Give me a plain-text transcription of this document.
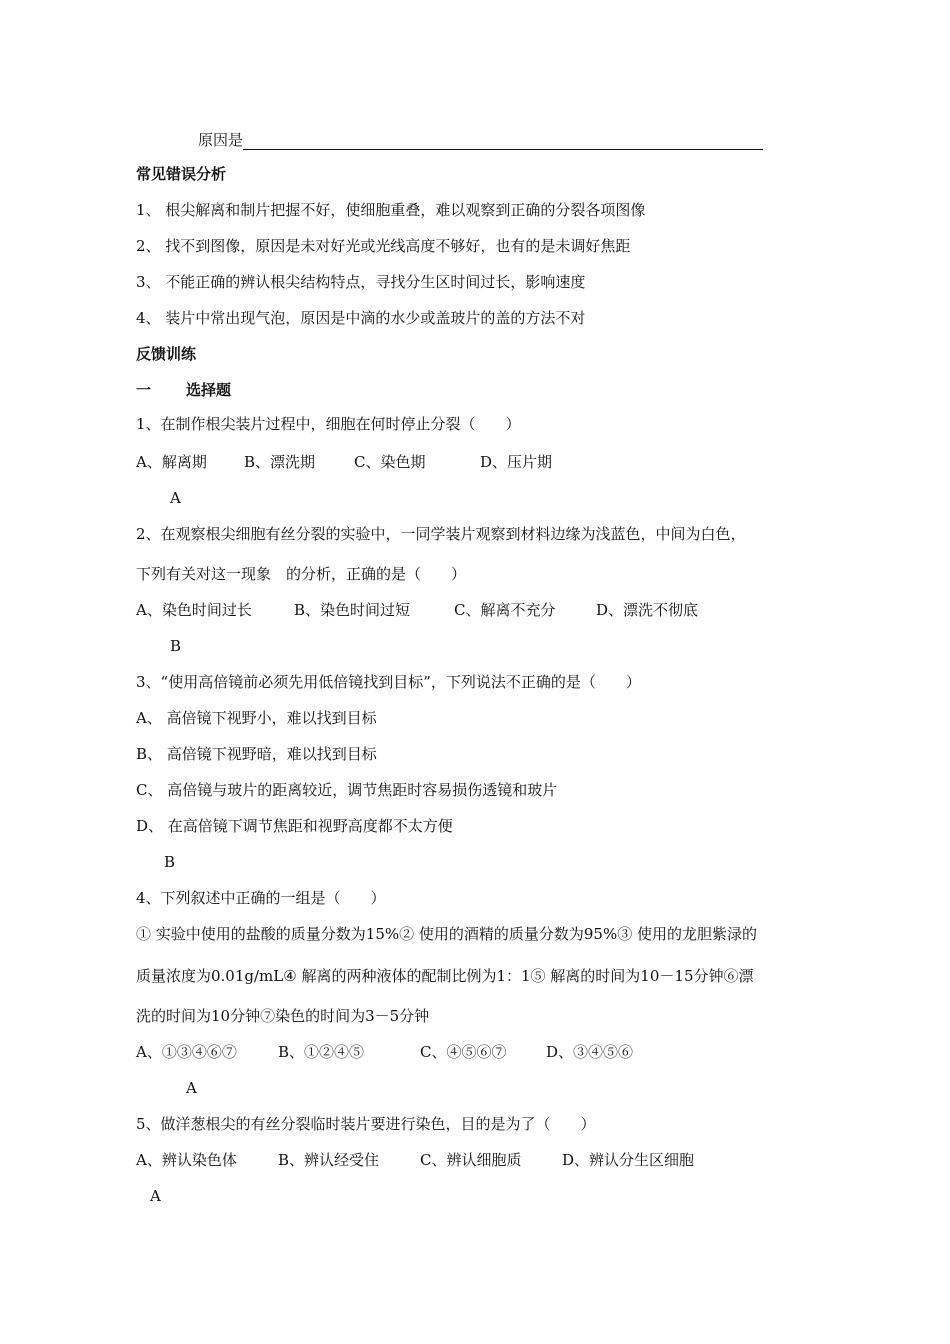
原因是
常见错误分析
1、 根尖解离和制片把握不好，使细胞重叠，难以观察到正确的分裂各项图像
2、 找不到图像，原因是未对好光或光线高度不够好，也有的是未调好焦距
3、 不能正确的辨认根尖结构特点，寻找分生区时间过长，影响速度
4、 装片中常出现气泡，原因是中滴的水少或盖玻片的盖的方法不对
反馈训练
一 选择题
1、在制作根尖装片过程中，细胞在何时停止分裂（　　）
A、解离期 B、漂洗期	C、染色期	D、压片期
A
2、在观察根尖细胞有丝分裂的实验中，一同学装片观察到材料边缘为浅蓝色，中间为白色，
下列有关对这一现象　的分析，正确的是（　　）
A、染色时间过长	B、染色时间过短	C、解离不充分	D、漂洗不彻底
B
3、“使用高倍镜前必须先用低倍镜找到目标”，下列说法不正确的是（　　）
A、 高倍镜下视野小，难以找到目标
B、 高倍镜下视野暗，难以找到目标
C、 高倍镜与玻片的距离较近，调节焦距时容易损伤透镜和玻片
D、 在高倍镜下调节焦距和视野高度都不太方便
B
4、下列叙述中正确的一组是（　　）
① 实验中使用的盐酸的质量分数为15%② 使用的酒精的质量分数为95%③ 使用的龙胆紫渌的
质量浓度为0.01g/mL④ 解离的两种液体的配制比例为1：1⑤ 解离的时间为10－15分钟⑥漂
洗的时间为10分钟⑦染色的时间为3－5分钟
A、①③④⑥⑦	B、①②④⑤	C、④⑤⑥⑦	D、③④⑤⑥
A
5、做洋葱根尖的有丝分裂临时装片要进行染色，目的是为了（　　）
A、辨认染色体	B、辨认经受住	C、辨认细胞质	D、辨认分生区细胞
A
